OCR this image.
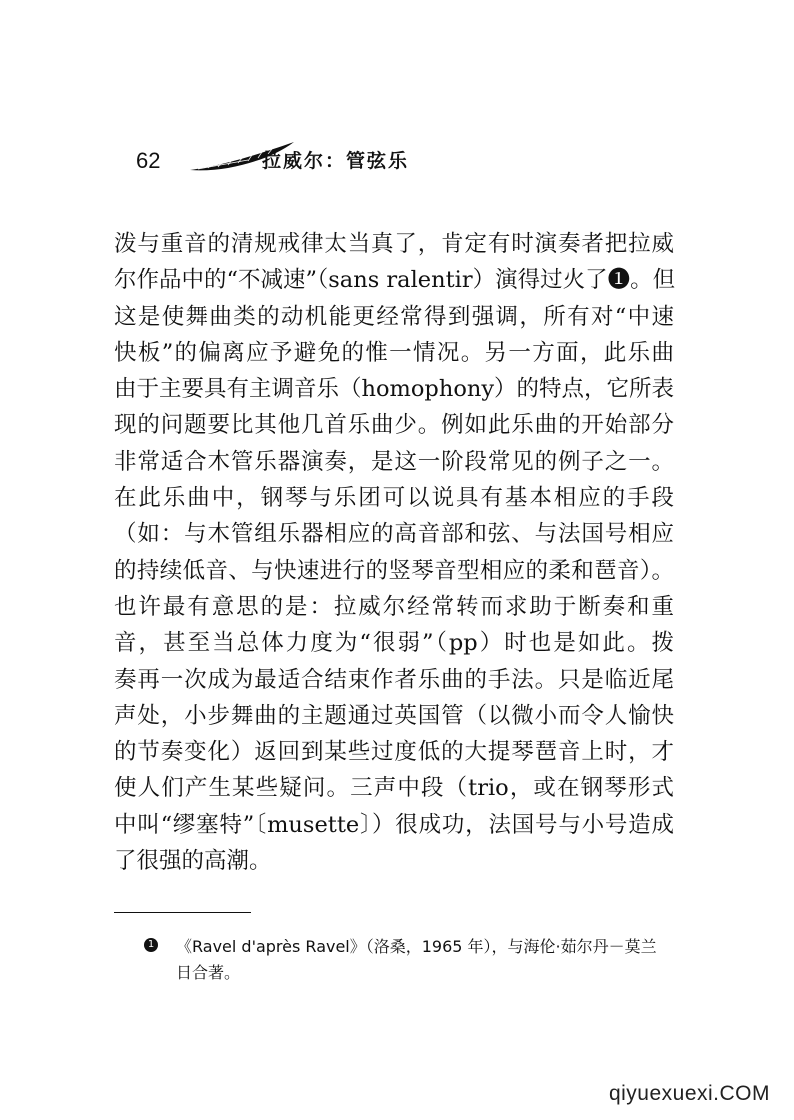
62	拉威尔：管弦乐
泼与重音的清规戒律太当真了，肯定有时演奏者把拉威
尔作品中的“不减速”（sans ralentir）演得过火了❶。但
这是使舞曲类的动机能更经常得到强调，所有对“中速
快板”的偏离应予避免的惟一情况。另一方面，此乐曲
由于主要具有主调音乐（homophony）的特点，它所表
现的问题要比其他几首乐曲少。例如此乐曲的开始部分
非常适合木管乐器演奏，是这一阶段常见的例子之一。
在此乐曲中，钢琴与乐团可以说具有基本相应的手段
（如：与木管组乐器相应的高音部和弦、与法国号相应
的持续低音、与快速进行的竖琴音型相应的柔和琶音）。
也许最有意思的是：拉威尔经常转而求助于断奏和重
音，甚至当总体力度为“很弱”（pp）时也是如此。拨
奏再一次成为最适合结束作者乐曲的手法。只是临近尾
声处，小步舞曲的主题通过英国管（以微小而令人愉快
的节奏变化）返回到某些过度低的大提琴琶音上时，才
使人们产生某些疑问。三声中段（trio，或在钢琴形式
中叫“缪塞特”〔musette〕）很成功，法国号与小号造成
了很强的高潮。
1	《Ravel d'après Ravel》（洛桑，1965 年），与海伦·茹尔丹－莫兰
日合著。
qiyuexuexi.COM
